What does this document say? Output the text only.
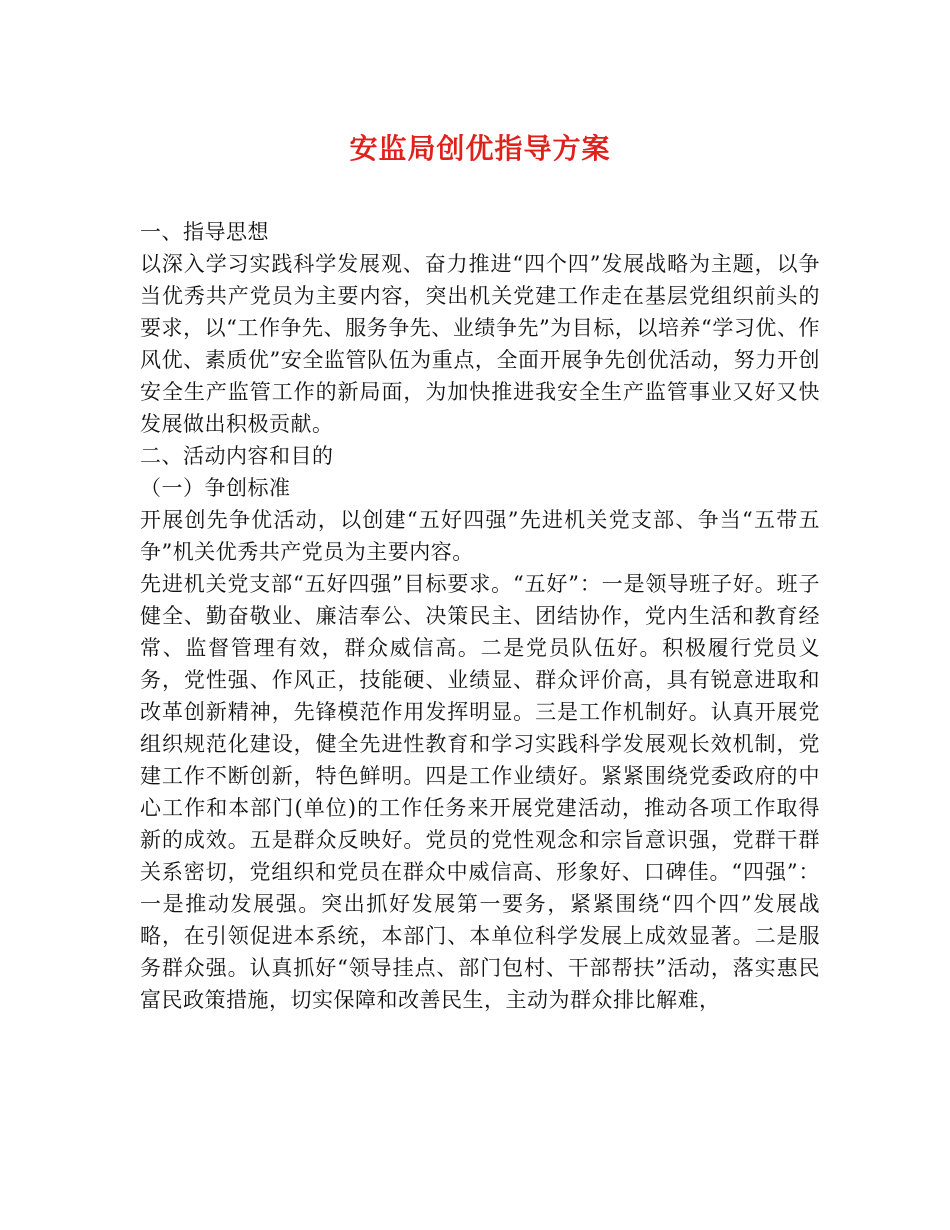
安监局创优指导方案

一、指导思想

以深入学习实践科学发展观、奋力推进“四个四”发展战略为主题，以争当优秀共产党员为主要内容，突出机关党建工作走在基层党组织前头的要求，以“工作争先、服务争先、业绩争先”为目标，以培养“学习优、作风优、素质优”安全监管队伍为重点，全面开展争先创优活动，努力开创安全生产监管工作的新局面，为加快推进我安全生产监管事业又好又快发展做出积极贡献。

二、活动内容和目的

（一）争创标准

开展创先争优活动，以创建“五好四强”先进机关党支部、争当“五带五争”机关优秀共产党员为主要内容。

先进机关党支部“五好四强”目标要求。“五好”：一是领导班子好。班子健全、勤奋敬业、廉洁奉公、决策民主、团结协作，党内生活和教育经常、监督管理有效，群众威信高。二是党员队伍好。积极履行党员义务，党性强、作风正，技能硬、业绩显、群众评价高，具有锐意进取和改革创新精神，先锋模范作用发挥明显。三是工作机制好。认真开展党组织规范化建设，健全先进性教育和学习实践科学发展观长效机制，党建工作不断创新，特色鲜明。四是工作业绩好。紧紧围绕党委政府的中心工作和本部门(单位)的工作任务来开展党建活动，推动各项工作取得新的成效。五是群众反映好。党员的党性观念和宗旨意识强，党群干群关系密切，党组织和党员在群众中威信高、形象好、口碑佳。“四强”：一是推动发展强。突出抓好发展第一要务，紧紧围绕“四个四”发展战略，在引领促进本系统，本部门、本单位科学发展上成效显著。二是服务群众强。认真抓好“领导挂点、部门包村、干部帮扶”活动，落实惠民富民政策措施，切实保障和改善民生，主动为群众排比解难，
